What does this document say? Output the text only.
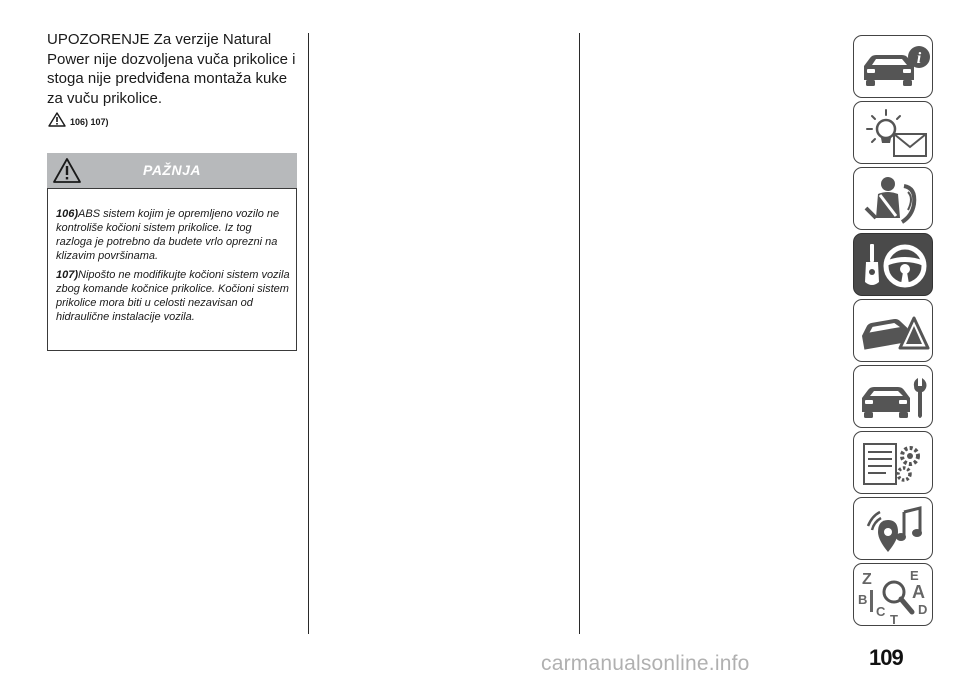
UPOZORENJE Za verzije Natural Power nije dozvoljena vuča prikolice i stoga nije predviđena montaža kuke za vuču prikolice.
106) 107)
PAŽNJA

106)ABS sistem kojim je opremljeno vozilo ne kontroliše kočioni sistem prikolice. Iz tog razloga je potrebno da budete vrlo oprezni na klizavim površinama.

107)Nipošto ne modifikujte kočioni sistem vozila zbog komande kočnice prikolice. Kočioni sistem prikolice mora biti u celosti nezavisan od hidraulične instalacije vozila.

i
Z	E
A
B
C	D
T
109
carmanualsonline.info
